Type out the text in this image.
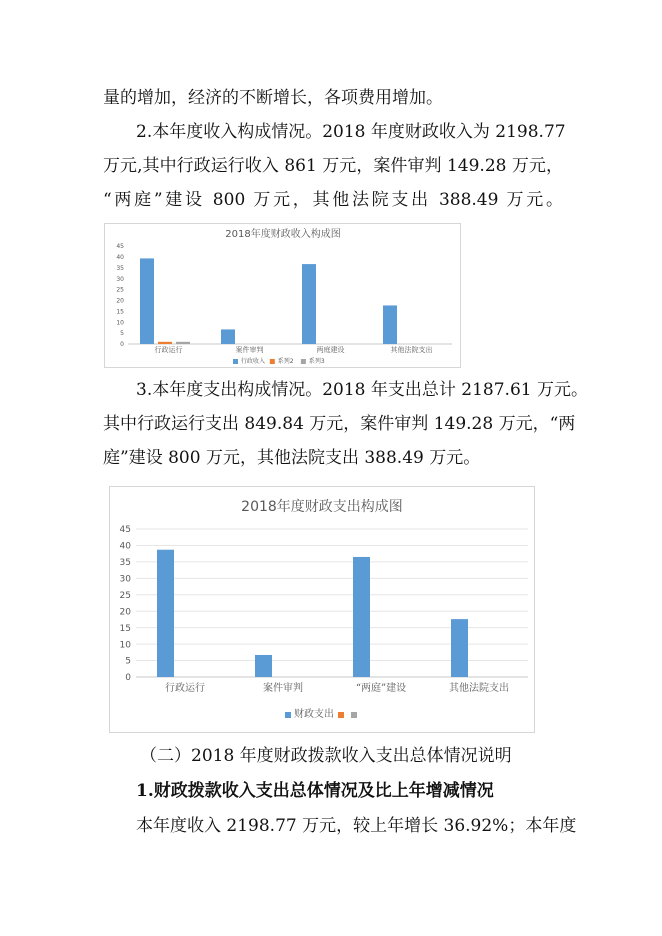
量的增加，经济的不断增长，各项费用增加。
2.本年度收入构成情况。2018 年度财政收入为 2198.77
万元,其中行政运行收入 861 万元，案件审判 149.28 万元，
“两庭”建设 800 万元，其他法院支出 388.49 万元。
2018年度财政收入构成图
0
5
10
15
20
25
30
35
40
45
行政运行	案件审判	两庭建设	其他法院支出
行政收入 系列2	系列3
3.本年度支出构成情况。2018 年支出总计 2187.61 万元。
其中行政运行支出 849.84 万元，案件审判 149.28 万元，“两
庭”建设 800 万元，其他法院支出 388.49 万元。
2018年度财政支出构成图
0
5
10
15
20
25
30
35
40
45
行政运行	案件审判	“两庭”建设	其他法院支出
财政支出
（二）2018 年度财政拨款收入支出总体情况说明
1.财政拨款收入支出总体情况及比上年增减情况
本年度收入 2198.77 万元，较上年增长 36.92%；本年度
